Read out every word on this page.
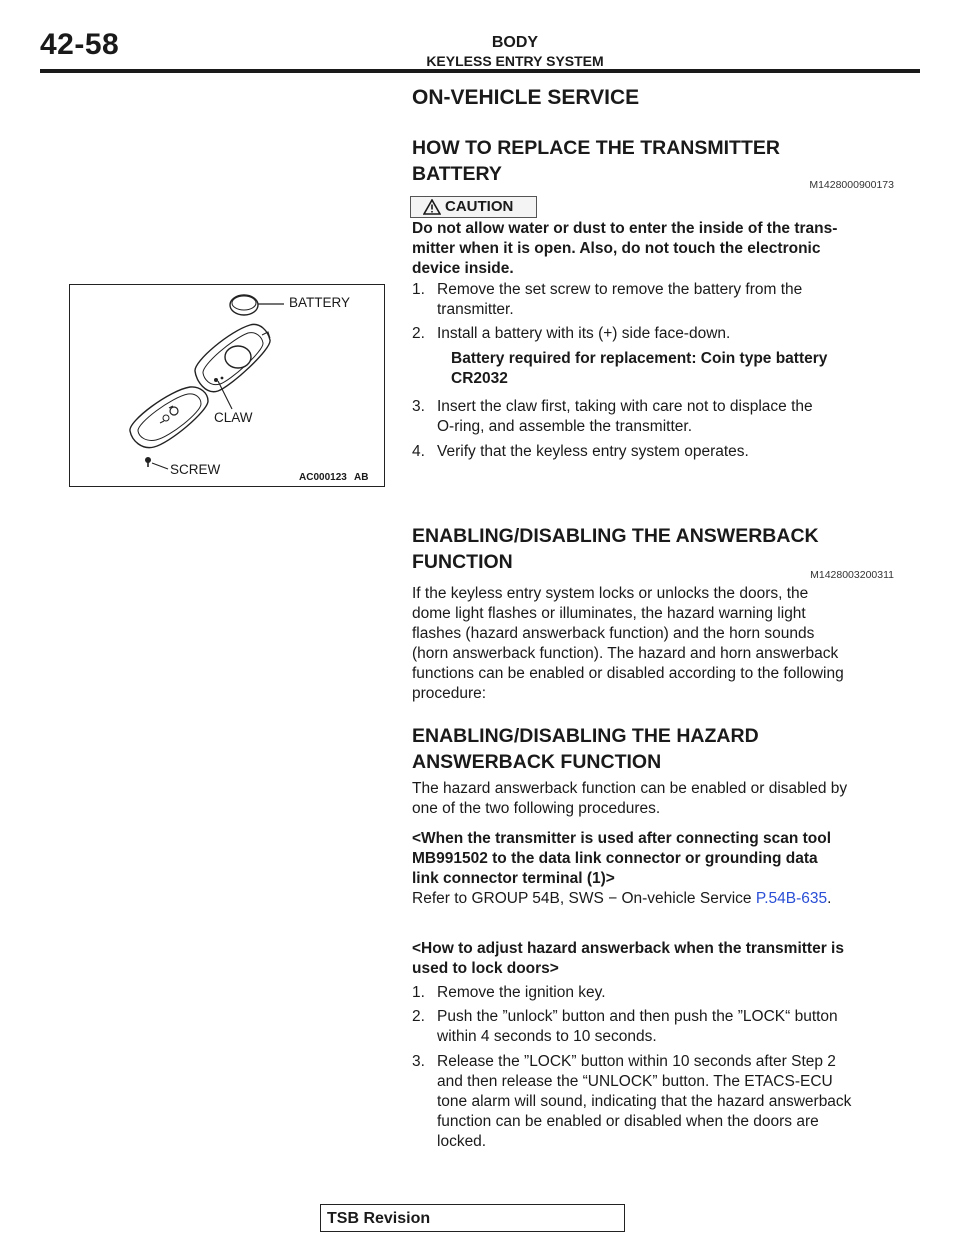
42-58	BODY
KEYLESS ENTRY SYSTEM
ON-VEHICLE SERVICE
HOW TO REPLACE THE TRANSMITTER
BATTERY	M1428000900173
CAUTION

Do not allow water or dust to enter the inside of the trans-

mitter when it is open. Also, do not touch the electronic

device inside.

1. Remove the set screw to remove the battery from the
transmitter.
2. Install a battery with its (+) side face-down.

Battery required for replacement: Coin type battery

CR2032

3. Insert the claw first, taking with care not to displace the
O-ring, and assemble the transmitter.
4. Verify that the keyless entry system operates.
BATTERY
CLAW
SCREW
AC000123 AB
ENABLING/DISABLING THE ANSWERBACK
FUNCTION
M1428003200311

If the keyless entry system locks or unlocks the doors, the

dome light flashes or illuminates, the hazard warning light

flashes (hazard answerback function) and the horn sounds

(horn answerback function). The hazard and horn answerback

functions can be enabled or disabled according to the following

procedure:

ENABLING/DISABLING THE HAZARD
ANSWERBACK FUNCTION

The hazard answerback function can be enabled or disabled by

one of the two following procedures.

<When the transmitter is used after connecting scan tool

MB991502 to the data link connector or grounding data

link connector terminal (1)>

Refer to GROUP 54B, SWS − On-vehicle Service P.54B-635.

<How to adjust hazard answerback when the transmitter is

used to lock doors>

1. Remove the ignition key.
2. Push the ”unlock” button and then push the ”LOCK“ button
within 4 seconds to 10 seconds.
3. Release the ”LOCK” button within 10 seconds after Step 2
and then release the “UNLOCK” button. The ETACS-ECU
tone alarm will sound, indicating that the hazard answerback
function can be enabled or disabled when the doors are
locked.
TSB Revision
